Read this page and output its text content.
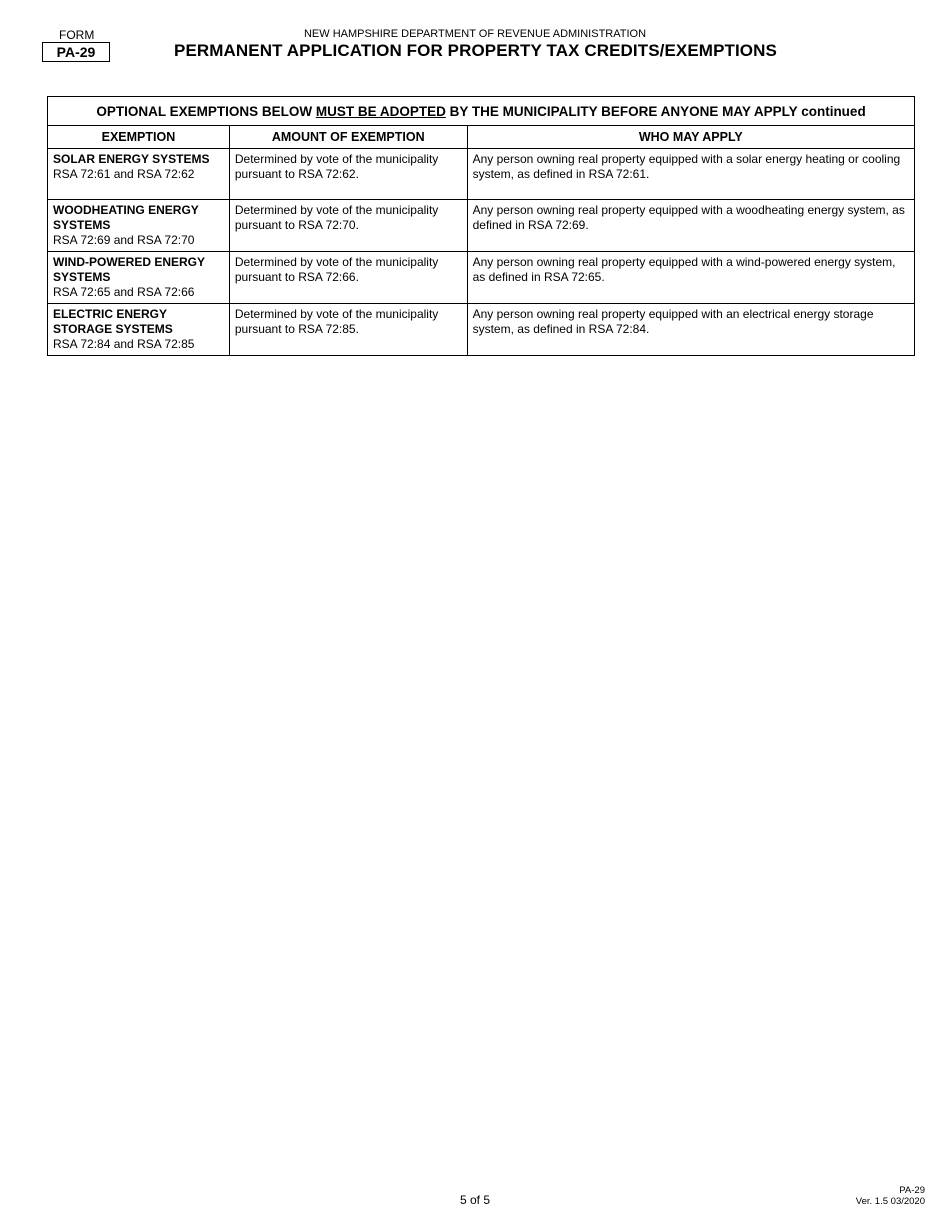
FORM
PA-29
NEW HAMPSHIRE DEPARTMENT OF REVENUE ADMINISTRATION
PERMANENT APPLICATION FOR PROPERTY TAX CREDITS/EXEMPTIONS
OPTIONAL EXEMPTIONS BELOW MUST BE ADOPTED BY THE MUNICIPALITY BEFORE ANYONE MAY APPLY continued		
EXEMPTION	AMOUNT OF EXEMPTION	WHO MAY APPLY

SOLAR ENERGY SYSTEMS
RSA 72:61 and RSA 72:62	Determined by vote of the municipality pursuant to RSA 72:62.	Any person owning real property equipped with a solar energy heating or cooling system, as defined in RSA 72:61.

WOODHEATING ENERGY SYSTEMS
RSA 72:69 and RSA 72:70	Determined by vote of the municipality pursuant to RSA 72:70.	Any person owning real property equipped with a woodheating energy system, as defined in RSA 72:69.

WIND-POWERED ENERGY SYSTEMS
RSA 72:65 and RSA 72:66	Determined by vote of the municipality pursuant to RSA 72:66.	Any person owning real property equipped with a wind-powered energy system, as defined in RSA 72:65.

ELECTRIC ENERGY STORAGE SYSTEMS
RSA 72:84 and RSA 72:85	Determined by vote of the municipality pursuant to RSA 72:85.	Any person owning real property equipped with an electrical energy storage system, as defined in RSA 72:84.
5 of 5
PA-29
Ver. 1.5 03/2020
